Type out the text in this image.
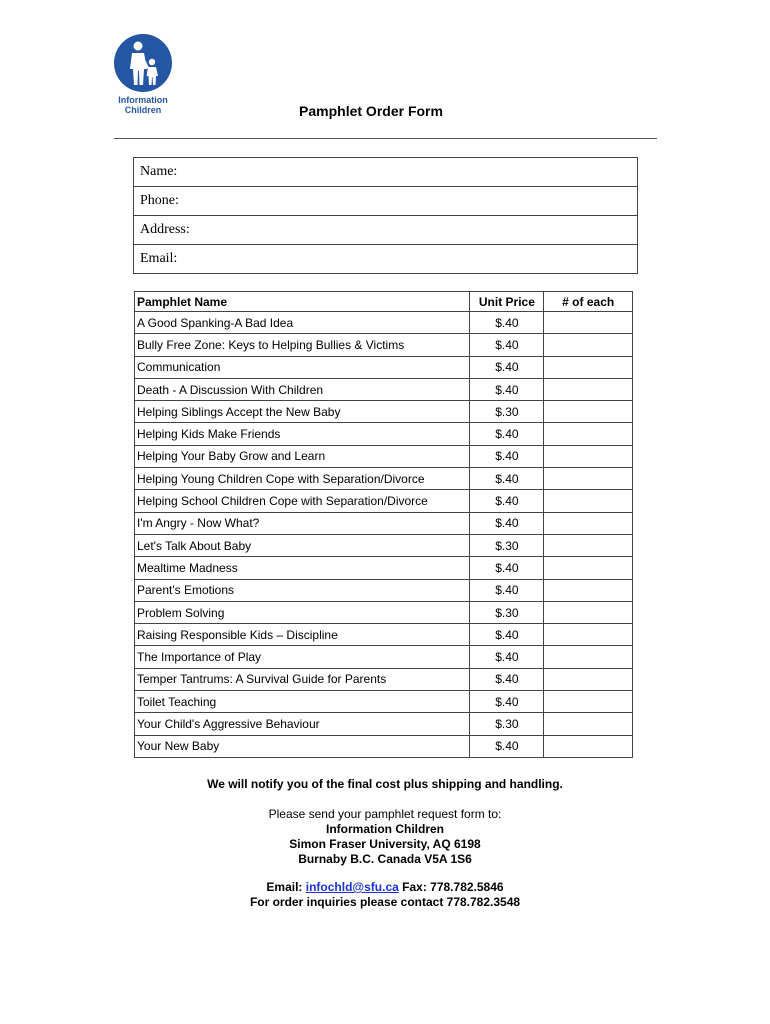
Information
Children	Pamphlet Order Form
Name:
Phone:
Address:
Email:
Pamphlet Name	Unit Price	# of each
A Good Spanking-A Bad Idea	$.40	
Bully Free Zone: Keys to Helping Bullies & Victims	$.40	
Communication	$.40	
Death - A Discussion With Children	$.40	
Helping Siblings Accept the New Baby	$.30	
Helping Kids Make Friends	$.40	
Helping Your Baby Grow and Learn	$.40	
Helping Young Children Cope with Separation/Divorce	$.40	
Helping School Children Cope with Separation/Divorce	$.40	
I'm Angry - Now What?	$.40	
Let's Talk About Baby	$.30	
Mealtime Madness	$.40	
Parent's Emotions	$.40	
Problem Solving	$.30	
Raising Responsible Kids – Discipline	$.40	
The Importance of Play	$.40	
Temper Tantrums: A Survival Guide for Parents	$.40	
Toilet Teaching	$.40	
Your Child's Aggressive Behaviour	$.30	
Your New Baby	$.40	
We will notify you of the final cost plus shipping and handling.
Please send your pamphlet request form to:
Information Children
Simon Fraser University, AQ 6198
Burnaby B.C. Canada V5A 1S6
Email: infochld@sfu.ca Fax: 778.782.5846
For order inquiries please contact 778.782.3548
